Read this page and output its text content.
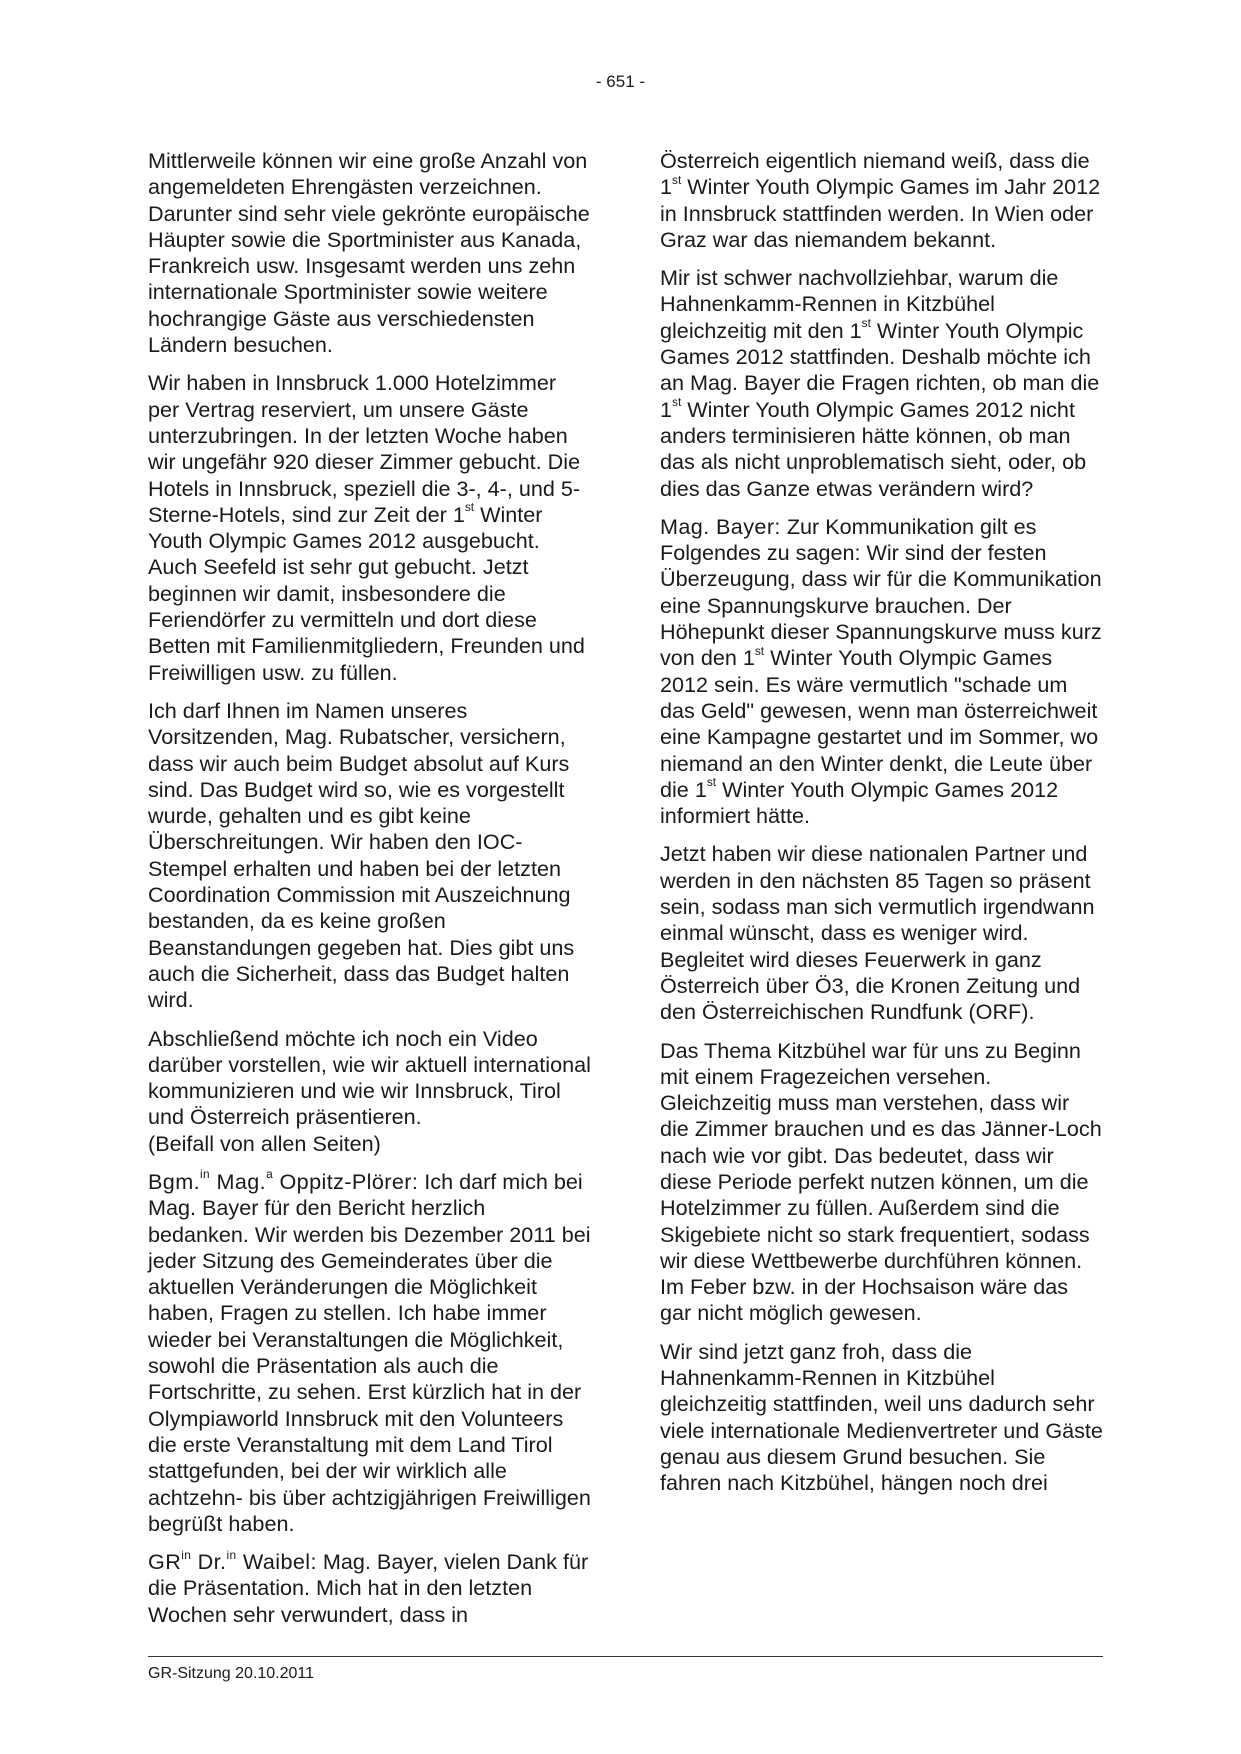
- 651 -

Mittlerweile können wir eine große Anzahl von angemeldeten Ehrengästen verzeichnen. Darunter sind sehr viele gekrönte europäische Häupter sowie die Sportminister aus Kanada, Frankreich usw. Insgesamt werden uns zehn internationale Sportminister sowie weitere hochrangige Gäste aus verschiedensten Ländern besuchen.

Wir haben in Innsbruck 1.000 Hotelzimmer per Vertrag reserviert, um unsere Gäste unterzubringen. In der letzten Woche haben wir ungefähr 920 dieser Zimmer gebucht. Die Hotels in Innsbruck, speziell die 3-, 4-, und 5-Sterne-Hotels, sind zur Zeit der 1st Winter Youth Olympic Games 2012 ausgebucht. Auch Seefeld ist sehr gut gebucht. Jetzt beginnen wir damit, insbesondere die Feriendörfer zu vermitteln und dort diese Betten mit Familienmitgliedern, Freunden und Freiwilligen usw. zu füllen.

Ich darf Ihnen im Namen unseres Vorsitzenden, Mag. Rubatscher, versichern, dass wir auch beim Budget absolut auf Kurs sind. Das Budget wird so, wie es vorgestellt wurde, gehalten und es gibt keine Überschreitungen. Wir haben den IOC-Stempel erhalten und haben bei der letzten Coordination Commission mit Auszeichnung bestanden, da es keine großen Beanstandungen gegeben hat. Dies gibt uns auch die Sicherheit, dass das Budget halten wird.

Abschließend möchte ich noch ein Video darüber vorstellen, wie wir aktuell international kommunizieren und wie wir Innsbruck, Tirol und Österreich präsentieren.
(Beifall von allen Seiten)

Bgm.$^{in}$ Mag.$^a$ Oppitz-Plörer: Ich darf mich bei Mag. Bayer für den Bericht herzlich bedanken. Wir werden bis Dezember 2011 bei jeder Sitzung des Gemeinderates über die aktuellen Veränderungen die Möglichkeit haben, Fragen zu stellen. Ich habe immer wieder bei Veranstaltungen die Möglichkeit, sowohl die Präsentation als auch die Fortschritte, zu sehen. Erst kürzlich hat in der Olympiaworld Innsbruck mit den Volunteers die erste Veranstaltung mit dem Land Tirol stattgefunden, bei der wir wirklich alle achtzehn- bis über achtzigjährigen Freiwilligen begrüßt haben.

$GR^{in}$ Dr.$^{in}$ Waibel: Mag. Bayer, vielen Dank für die Präsentation. Mich hat in den letzten Wochen sehr verwundert, dass in

Österreich eigentlich niemand weiß, dass die 1st Winter Youth Olympic Games im Jahr 2012 in Innsbruck stattfinden werden. In Wien oder Graz war das niemandem bekannt.

Mir ist schwer nachvollziehbar, warum die Hahnenkamm-Rennen in Kitzbühel gleichzeitig mit den 1st Winter Youth Olympic Games 2012 stattfinden. Deshalb möchte ich an Mag. Bayer die Fragen richten, ob man die 1st Winter Youth Olympic Games 2012 nicht anders terminisieren hätte können, ob man das als nicht unproblematisch sieht, oder, ob dies das Ganze etwas verändern wird?

Mag. Bayer: Zur Kommunikation gilt es Folgendes zu sagen: Wir sind der festen Überzeugung, dass wir für die Kommunikation eine Spannungskurve brauchen. Der Höhepunkt dieser Spannungskurve muss kurz von den 1st Winter Youth Olympic Games 2012 sein. Es wäre vermutlich "schade um das Geld" gewesen, wenn man österreichweit eine Kampagne gestartet und im Sommer, wo niemand an den Winter denkt, die Leute über die 1st Winter Youth Olympic Games 2012 informiert hätte.

Jetzt haben wir diese nationalen Partner und werden in den nächsten 85 Tagen so präsent sein, sodass man sich vermutlich irgendwann einmal wünscht, dass es weniger wird. Begleitet wird dieses Feuerwerk in ganz Österreich über Ö3, die Kronen Zeitung und den Österreichischen Rundfunk (ORF).

Das Thema Kitzbühel war für uns zu Beginn mit einem Fragezeichen versehen. Gleichzeitig muss man verstehen, dass wir die Zimmer brauchen und es das Jänner-Loch nach wie vor gibt. Das bedeutet, dass wir diese Periode perfekt nutzen können, um die Hotelzimmer zu füllen. Außerdem sind die Skigebiete nicht so stark frequentiert, sodass wir diese Wettbewerbe durchführen können. Im Feber bzw. in der Hochsaison wäre das gar nicht möglich gewesen.

Wir sind jetzt ganz froh, dass die Hahnenkamm-Rennen in Kitzbühel gleichzeitig stattfinden, weil uns dadurch sehr viele internationale Medienvertreter und Gäste genau aus diesem Grund besuchen. Sie fahren nach Kitzbühel, hängen noch drei

GR-Sitzung 20.10.2011
